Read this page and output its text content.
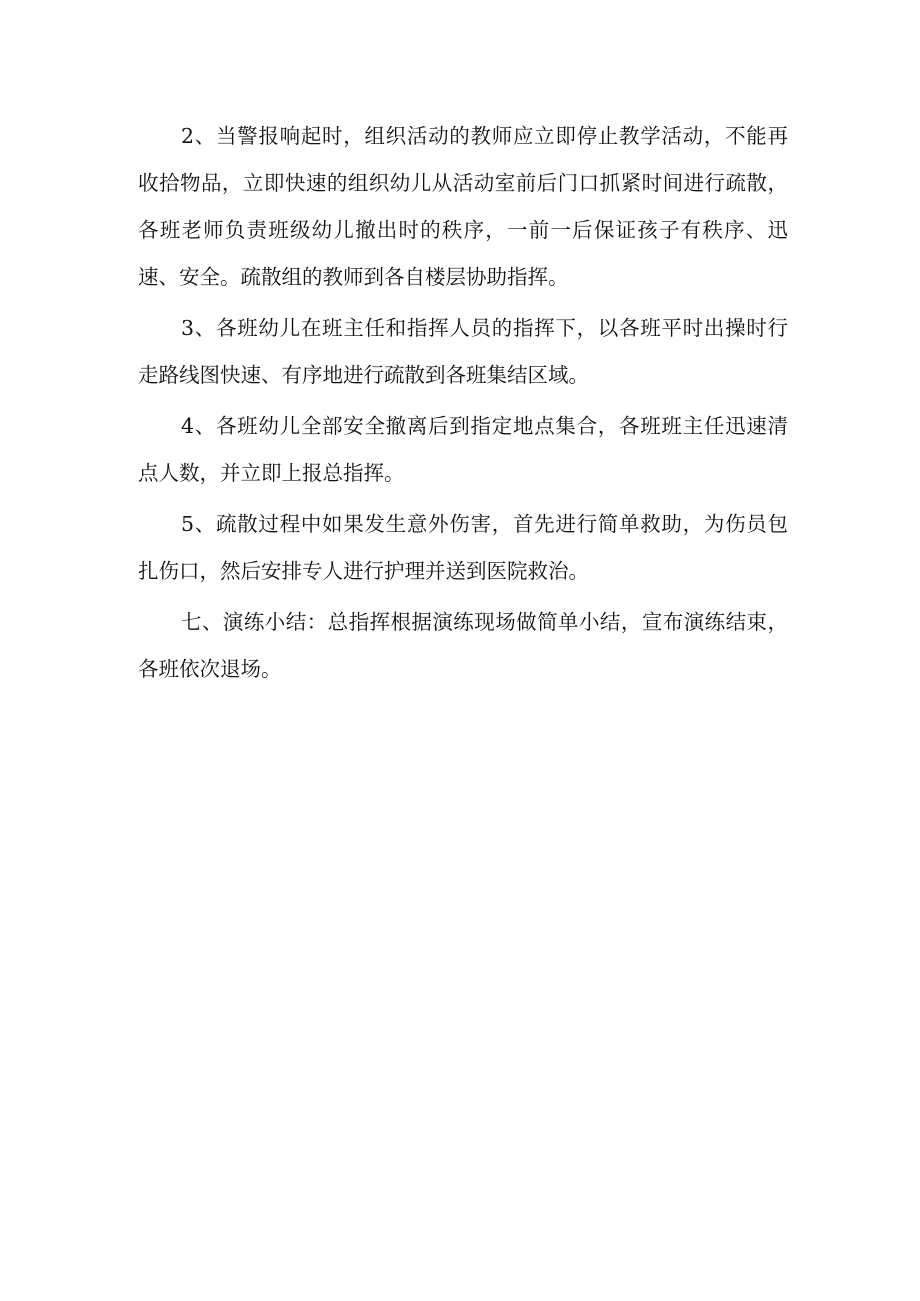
2、当警报响起时，组织活动的教师应立即停止教学活动，不能再收拾物品，立即快速的组织幼儿从活动室前后门口抓紧时间进行疏散，各班老师负责班级幼儿撤出时的秩序，一前一后保证孩子有秩序、迅速、安全。疏散组的教师到各自楼层协助指挥。

3、各班幼儿在班主任和指挥人员的指挥下，以各班平时出操时行走路线图快速、有序地进行疏散到各班集结区域。

4、各班幼儿全部安全撤离后到指定地点集合，各班班主任迅速清点人数，并立即上报总指挥。

5、疏散过程中如果发生意外伤害，首先进行简单救助，为伤员包扎伤口，然后安排专人进行护理并送到医院救治。

七、演练小结：总指挥根据演练现场做简单小结，宣布演练结束，各班依次退场。
